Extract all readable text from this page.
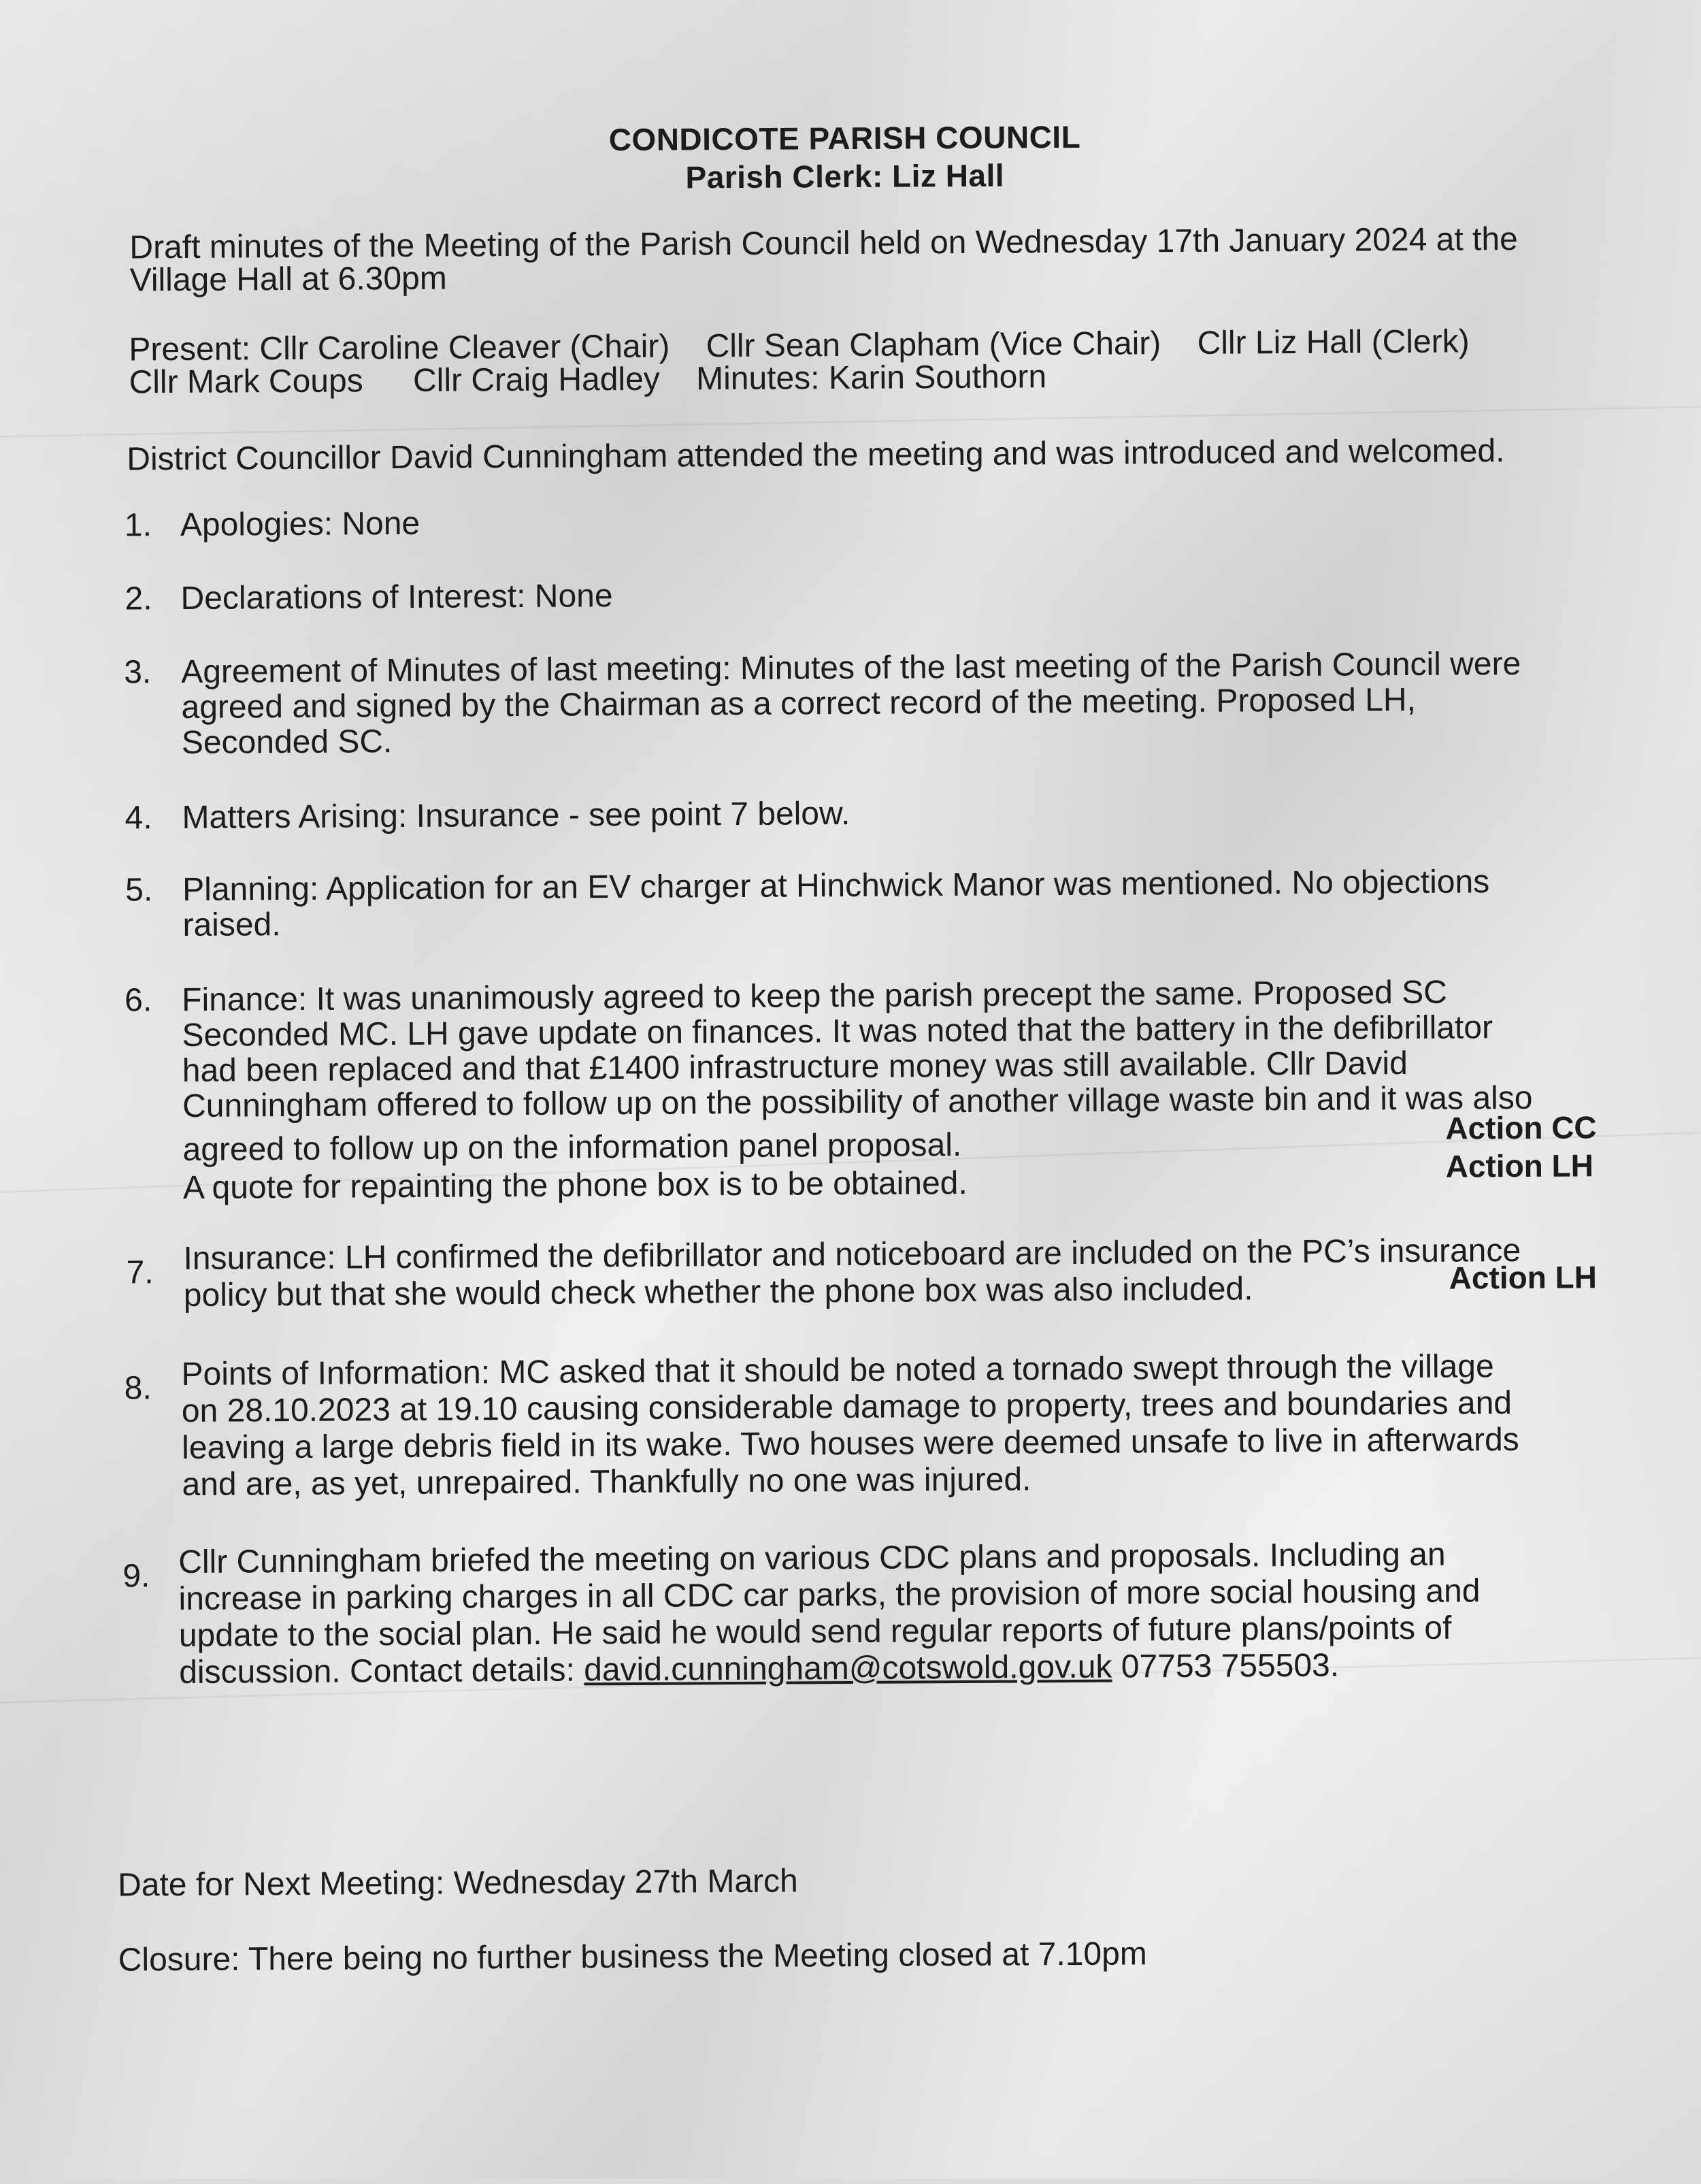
CONDICOTE PARISH COUNCIL
Parish Clerk: Liz Hall
Draft minutes of the Meeting of the Parish Council held on Wednesday 17th January 2024 at the
Village Hall at 6.30pm
Present: Cllr Caroline Cleaver (Chair) Cllr Sean Clapham (Vice Chair) Cllr Liz Hall (Clerk)
Cllr Mark Coups Cllr Craig Hadley Minutes: Karin Southorn
District Councillor David Cunningham attended the meeting and was introduced and welcomed.
1. Apologies: None
2. Declarations of Interest: None
3. Agreement of Minutes of last meeting: Minutes of the last meeting of the Parish Council were
agreed and signed by the Chairman as a correct record of the meeting. Proposed LH,
Seconded SC.
4. Matters Arising: Insurance - see point 7 below.
5. Planning: Application for an EV charger at Hinchwick Manor was mentioned. No objections
raised.
6. Finance: It was unanimously agreed to keep the parish precept the same. Proposed SC
Seconded MC. LH gave update on finances. It was noted that the battery in the defibrillator
had been replaced and that £1400 infrastructure money was still available. Cllr David
Cunningham offered to follow up on the possibility of another village waste bin and it was also
agreed to follow up on the information panel proposal.
A quote for repainting the phone box is to be obtained.
Action CC
Action LH
7. Insurance: LH confirmed the defibrillator and noticeboard are included on the PC’s insurance
policy but that she would check whether the phone box was also included.	Action LH
8. Points of Information: MC asked that it should be noted a tornado swept through the village
on 28.10.2023 at 19.10 causing considerable damage to property, trees and boundaries and
leaving a large debris field in its wake. Two houses were deemed unsafe to live in afterwards
and are, as yet, unrepaired. Thankfully no one was injured.
9. Cllr Cunningham briefed the meeting on various CDC plans and proposals. Including an
increase in parking charges in all CDC car parks, the provision of more social housing and
update to the social plan. He said he would send regular reports of future plans/points of
discussion. Contact details: david.cunningham@cotswold.gov.uk 07753 755503.
Date for Next Meeting: Wednesday 27th March
Closure: There being no further business the Meeting closed at 7.10pm
